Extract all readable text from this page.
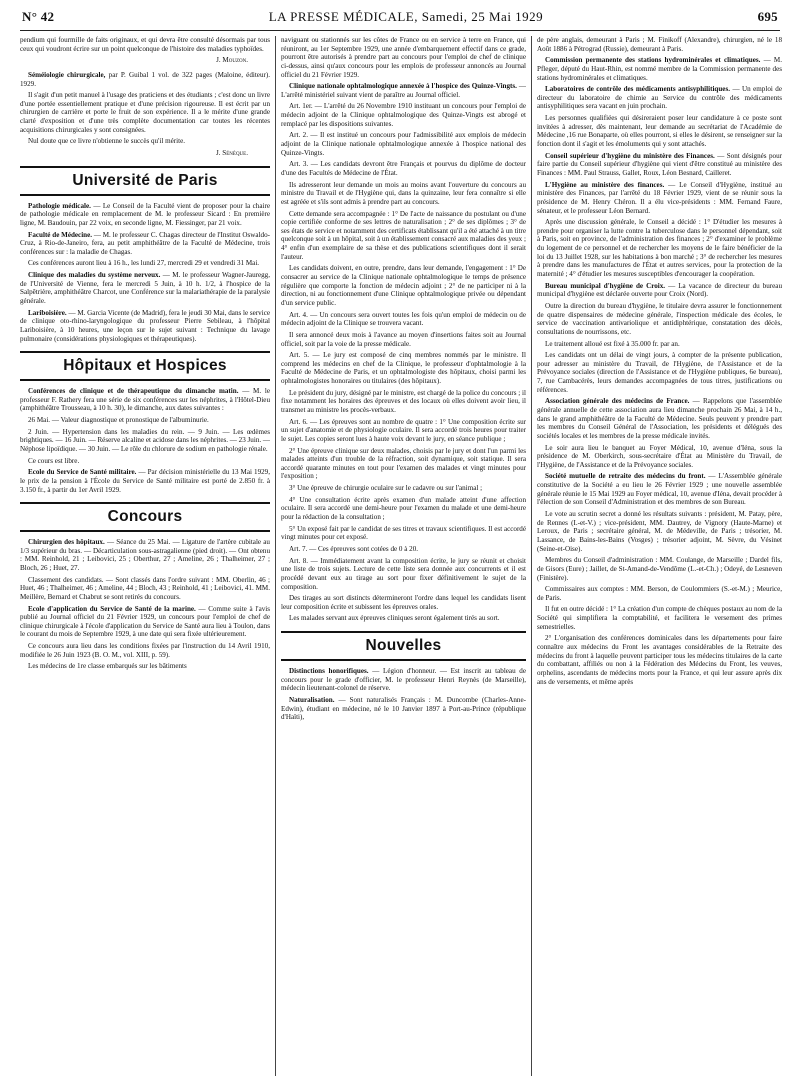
N° 42	LA PRESSE MÉDICALE, Samedi, 25 Mai 1929	695

pendium qui fourmille de faits originaux, et qui devra être consulté désormais par tous ceux qui voudront écrire sur un point quelconque de l'histoire des maladies typhoïdes.

J. Mouzon.

Séméiologie chirurgicale, par P. Guibal 1 vol. de 322 pages (Maloine, éditeur). 1929.

Il s'agit d'un petit manuel à l'usage des praticiens et des étudiants ; c'est donc un livre d'une portée essentiellement pratique et d'une précision rigoureuse. Il est écrit par un chirurgien de carrière et porte le fruit de son expérience. Il a le mérite d'une grande clarté d'exposition et d'une très complète documentation car toutes les récentes acquisitions chirurgicales y sont consignées.

Nul doute que ce livre n'obtienne le succès qu'il mérite.

J. Sénèque.

Université de Paris

Pathologie médicale. — Le Conseil de la Faculté vient de proposer pour la chaire de pathologie médicale en remplacement de M. le professeur Sicard : En première ligne, M. Baudouin, par 22 voix, en seconde ligne, M. Fiessinger, par 21 voix.

Faculté de Médecine. — M. le professeur C. Chagas directeur de l'Institut Oswaldo-Cruz, à Rio-de-Janeiro, fera, au petit amphithéâtre de la Faculté de Médecine, trois conférences sur : la maladie de Chagas.

Ces conférences auront lieu à 16 h., les lundi 27, mercredi 29 et vendredi 31 Mai.

Clinique des maladies du système nerveux. — M. le professeur Wagner-Jauregg, de l'Université de Vienne, fera le mercredi 5 Juin, à 10 h. 1/2, à l'hospice de la Salpêtrière, amphithéâtre Charcot, une Conférence sur la malariathérapie de la paralysie générale.

Lariboisière. — M. Garcia Vicente (de Madrid), fera le jeudi 30 Mai, dans le service de clinique oto-rhino-laryngologique du professeur Pierre Sebileau, à l'hôpital Lariboisière, à 10 heures, une leçon sur le sujet suivant : Technique du lavage pulmonaire (considérations physiologiques et thérapeutiques).

Hôpitaux et Hospices

Conférences de clinique et de thérapeutique du dimanche matin. — M. le professeur F. Rathery fera une série de six conférences sur les néphrites, à l'Hôtel-Dieu (amphithéâtre Trousseau, à 10 h. 30), le dimanche, aux dates suivantes :

26 Mai. — Valeur diagnostique et pronostique de l'albuminurie.

2 Juin. — Hypertension dans les maladies du rein. — 9 Juin. — Les œdèmes brightiques. — 16 Juin. — Réserve alcaline et acidose dans les néphrites. — 23 Juin. — Néphose lipoïdique. — 30 Juin. — Le rôle du chlorure de sodium en pathologie rénale.

Ce cours est libre.

Ecole du Service de Santé militaire. — Par décision ministérielle du 13 Mai 1929, le prix de la pension à l'École du Service de Santé militaire est porté de 2.850 fr. à 3.150 fr., à partir du 1er Avril 1929.

Concours

Chirurgien des hôpitaux. — Séance du 25 Mai. — Ligature de l'artère cubitale au 1/3 supérieur du bras. — Décarticulation sous-astragalienne (pied droit). — Ont obtenu : MM. Reinhold, 21 ; Leibovici, 25 ; Oberthur, 27 ; Ameline, 26 ; Thalheimer, 27 ; Bloch, 26 ; Huet, 27.

Classement des candidats. — Sont classés dans l'ordre suivant : MM. Oberlin, 46 ; Huet, 46 ; Thalheimer, 46 ; Ameline, 44 ; Bloch, 43 ; Reinhold, 41 ; Leibovici, 41. MM. Meillère, Bernard et Chabrut se sont retirés du concours.

Ecole d'application du Service de Santé de la marine. — Comme suite à l'avis publié au Journal officiel du 21 Février 1929, un concours pour l'emploi de chef de clinique chirurgicale à l'école d'application du Service de Santé aura lieu à Toulon, dans le courant du mois de Septembre 1929, à une date qui sera fixée ultérieurement.

Ce concours aura lieu dans les conditions fixées par l'instruction du 14 Avril 1910, modifiée le 26 Juin 1923 (B. O. M., vol. XIII, p. 59).

Les médecins de 1re classe embarqués sur les bâtiments

naviguant ou stationnés sur les côtes de France ou en service à terre en France, qui réuniront, au 1er Septembre 1929, une année d'embarquement effectif dans ce grade, pourront être autorisés à prendre part au concours pour l'emploi de chef de clinique ci-dessus, ainsi qu'aux concours pour les emplois de professeur annoncés au Journal officiel du 21 Février 1929.

Clinique nationale ophtalmologique annexée à l'hospice des Quinze-Vingts. — L'arrêté ministériel suivant vient de paraître au Journal officiel.

Art. 1er. — L'arrêté du 26 Novembre 1910 instituant un concours pour l'emploi de médecin adjoint de la Clinique ophtalmologique des Quinze-Vingts est abrogé et remplacé par les dispositions suivantes.

Art. 2. — Il est institué un concours pour l'admissibilité aux emplois de médecin adjoint de la Clinique nationale ophtalmologique annexée à l'hospice national des Quinze-Vingts.

Art. 3. — Les candidats devront être Français et pourvus du diplôme de docteur d'une des Facultés de Médecine de l'État.

Ils adresseront leur demande un mois au moins avant l'ouverture du concours au ministre du Travail et de l'Hygiène qui, dans la quinzaine, leur fera connaître si elle est agréée et s'ils sont admis à prendre part au concours.

Cette demande sera accompagnée : 1° De l'acte de naissance du postulant ou d'une copie certifiée conforme de ses lettres de naturalisation ; 2° de ses diplômes ; 3° de ses états de service et notamment des certificats établissant qu'il a été attaché à un titre quelconque soit à un hôpital, soit à un établissement consacré aux maladies des yeux ; 4° enfin d'un exemplaire de sa thèse et des publications scientifiques dont il serait l'auteur.

Les candidats doivent, en outre, prendre, dans leur demande, l'engagement : 1° De consacrer au service de la Clinique nationale ophtalmologique le temps de présence régulière que comporte la fonction de médecin adjoint ; 2° de ne participer ni à la direction, ni au fonctionnement d'une Clinique ophtalmologique privée ou dépendant d'un service public.

Art. 4. — Un concours sera ouvert toutes les fois qu'un emploi de médecin ou de médecin adjoint de la Clinique se trouvera vacant.

Il sera annoncé deux mois à l'avance au moyen d'insertions faites soit au Journal officiel, soit par la voie de la presse médicale.

Art. 5. — Le jury est composé de cinq membres nommés par le ministre. Il comprend les médecins en chef de la Clinique, le professeur d'ophtalmologie à la Faculté de Médecine de Paris, et un ophtalmologiste des hôpitaux, choisi parmi les ophtalmologistes honoraires ou titulaires (des hôpitaux).

Le président du jury, désigné par le ministre, est chargé de la police du concours ; il fixe notamment les horaires des épreuves et des locaux où elles doivent avoir lieu, il transmet au ministre les procès-verbaux.

Art. 6. — Les épreuves sont au nombre de quatre : 1° Une composition écrite sur un sujet d'anatomie et de physiologie oculaire. Il sera accordé trois heures pour traiter le sujet. Les copies seront lues à haute voix devant le jury, en séance publique ;

2° Une épreuve clinique sur deux malades, choisis par le jury et dont l'un parmi les malades atteints d'un trouble de la réfraction, soit dynamique, soit statique. Il sera accordé quarante minutes en tout pour l'examen des malades et vingt minutes pour l'exposition ;

3° Une épreuve de chirurgie oculaire sur le cadavre ou sur l'animal ;

4° Une consultation écrite après examen d'un malade atteint d'une affection oculaire. Il sera accordé une demi-heure pour l'examen du malade et une demi-heure pour la rédaction de la consultation ;

5° Un exposé fait par le candidat de ses titres et travaux scientifiques. Il est accordé vingt minutes pour cet exposé.

Art. 7. — Ces épreuves sont cotées de 0 à 20.

Art. 8. — Immédiatement avant la composition écrite, le jury se réunit et choisit une liste de trois sujets. Lecture de cette liste sera donnée aux concurrents et il est procédé devant eux au tirage au sort pour fixer définitivement le sujet de la composition.

Des tirages au sort distincts détermineront l'ordre dans lequel les candidats lisent leur composition écrite et subissent les épreuves orales.

Les malades servant aux épreuves cliniques seront également tirés au sort.

Nouvelles

Distinctions honorifiques. — Légion d'honneur. — Est inscrit au tableau de concours pour le grade d'officier, M. le professeur Henri Reynès (de Marseille), médecin lieutenant-colonel de réserve.

Naturalisation. — Sont naturalisés Français : M. Duncombe (Charles-Anne-Edwin), étudiant en médecine, né le 10 Janvier 1897 à Port-au-Prince (république d'Haïti),

de père anglais, demeurant à Paris ; M. Finikoff (Alexandre), chirurgien, né le 18 Août 1886 à Pétrograd (Russie), demeurant à Paris.

Commission permanente des stations hydrominérales et climatiques. — M. Pfleger, député du Haut-Rhin, est nommé membre de la Commission permanente des stations hydrominérales et climatiques.

Laboratoires de contrôle des médicaments antisyphilitiques. — Un emploi de directeur du laboratoire de chimie au Service du contrôle des médicaments antisyphilitiques sera vacant en juin prochain.

Les personnes qualifiées qui désireraient poser leur candidature à ce poste sont invitées à adresser, dès maintenant, leur demande au secrétariat de l'Académie de Médecine ,16 rue Bonaparte, où elles pourront, si elles le désirent, se renseigner sur la fonction dont il s'agit et les émoluments qui y sont attachés.

Conseil supérieur d'hygiène du ministère des Finances. — Sont désignés pour faire partie du Conseil supérieur d'hygiène qui vient d'être constitué au ministère des Finances : MM. Paul Strauss, Gallet, Roux, Léon Besnard, Cailleret.

L'Hygiène au ministère des finances. — Le Conseil d'Hygiène, institué au ministère des Finances, par l'arrêté du 18 Février 1929, vient de se réunir sous la présidence de M. Henry Chéron. Il a élu vice-présidents : MM. Fernand Faure, sénateur, et le professeur Léon Bernard.

Après une discussion générale, le Conseil a décidé : 1° D'étudier les mesures à prendre pour organiser la lutte contre la tuberculose dans le personnel dépendant, soit à Paris, soit en province, de l'administration des finances ; 2° d'examiner le problème du logement de ce personnel et de rechercher les moyens de le faire bénéficier de la loi du 13 Juillet 1928, sur les habitations à bon marché ; 3° de rechercher les mesures à prendre dans les manufactures de l'État et autres services, pour la protection de la maternité ; 4° d'étudier les mesures susceptibles d'encourager la coopération.

Bureau municipal d'hygiène de Croix. — La vacance de directeur du bureau municipal d'hygiène est déclarée ouverte pour Croix (Nord).

Outre la direction du bureau d'hygiène, le titulaire devra assurer le fonctionnement de quatre dispensaires de médecine générale, l'inspection médicale des écoles, le service de vaccination antivariolique et antidiphtérique, constatation des décès, consultations de nourrissons, etc.

Le traitement alloué est fixé à 35.000 fr. par an.

Les candidats ont un délai de vingt jours, à compter de la présente publication, pour adresser au ministère du Travail, de l'Hygiène, de l'Assistance et de la Prévoyance sociales (direction de l'Assistance et de l'Hygiène publiques, 6e bureau), 7, rue Cambacérès, leurs demandes accompagnées de tous titres, justifications ou références.

Association générale des médecins de France. — Rappelons que l'assemblée générale annuelle de cette association aura lieu dimanche prochain 26 Mai, à 14 h., dans le grand amphithéâtre de la Faculté de Médecine. Seuls peuvent y prendre part les membres du Conseil Général de l'Association, les présidents et délégués des sociétés locales et les membres de la presse médicale invités.

Le soir aura lieu le banquet au Foyer Médical, 10, avenue d'Iéna, sous la présidence de M. Oberkirch, sous-secrétaire d'État au Ministère du Travail, de l'Hygiène, de l'Assistance et de la Prévoyance sociales.

Société mutuelle de retraite des médecins du front. — L'Assemblée générale constitutive de la Société a eu lieu le 26 Février 1929 ; une nouvelle assemblée générale réunie le 15 Mai 1929 au Foyer médical, 10, avenue d'Iéna, devait procéder à l'élection de son Conseil d'Administration et des membres de son Bureau.

Le vote au scrutin secret a donné les résultats suivants : président, M. Patay, père, de Rennes (I.-et-V.) ; vice-président, MM. Dautrey, de Vignory (Haute-Marne) et Leroux, de Paris ; secrétaire général, M. de Médeville, de Paris ; trésorier, M. Lassance, de Bains-les-Bains (Vosges) ; trésorier adjoint, M. Sèvre, du Vésinet (Seine-et-Oise).

Membres du Conseil d'administration : MM. Coulange, de Marseille ; Dardel fils, de Gisors (Eure) ; Jaillet, de St-Amand-de-Vendôme (L.-et-Ch.) ; Odeyé, de Lesneven (Finistère).

Commissaires aux comptes : MM. Berson, de Coulommiers (S.-et-M.) ; Meurice, de Paris.

Il fut en outre décidé : 1° La création d'un compte de chèques postaux au nom de la Société qui simplifiera la comptabilité, et facilitera le versement des primes semestrielles.

2° L'organisation des conférences dominicales dans les départements pour faire connaître aux médecins du Front les avantages considérables de la Retraite des médecins du front à laquelle peuvent participer tous les médecins titulaires de la carte du combattant, affiliés ou non à la Fédération des Médecins du Front, les veuves, orphelins, ascendants de médecins morts pour la France, et qui leur assure après dix ans de versements, et même après
